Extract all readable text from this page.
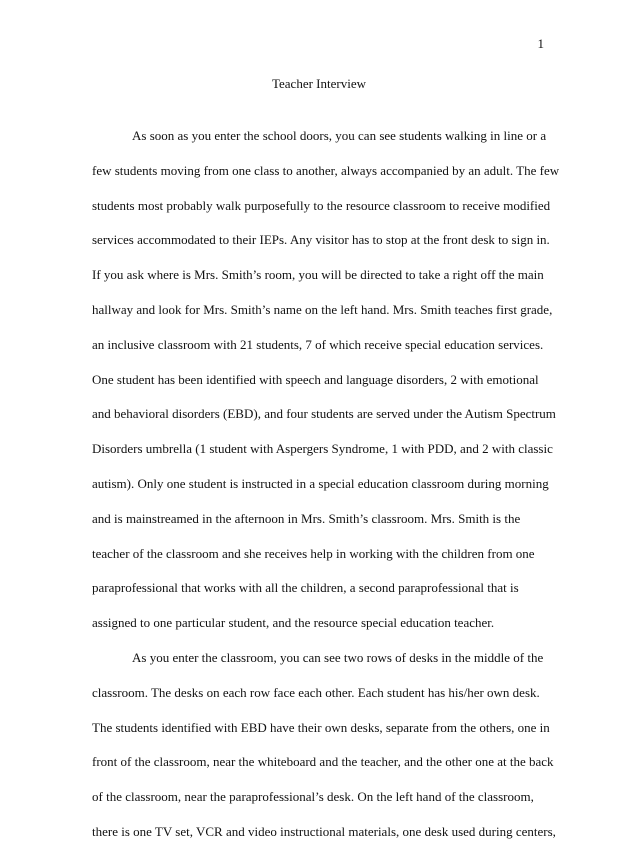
1
Teacher Interview
As soon as you enter the school doors, you can see students walking in line or a
few students moving from one class to another, always accompanied by an adult. The few
students most probably walk purposefully to the resource classroom to receive modified
services accommodated to their IEPs. Any visitor has to stop at the front desk to sign in.
If you ask where is Mrs. Smith’s room, you will be directed to take a right off the main
hallway and look for Mrs. Smith’s name on the left hand. Mrs. Smith teaches first grade,
an inclusive classroom with 21 students, 7 of which receive special education services.
One student has been identified with speech and language disorders, 2 with emotional
and behavioral disorders (EBD), and four students are served under the Autism Spectrum
Disorders umbrella (1 student with Aspergers Syndrome, 1 with PDD, and 2 with classic
autism). Only one student is instructed in a special education classroom during morning
and is mainstreamed in the afternoon in Mrs. Smith’s classroom. Mrs. Smith is the
teacher of the classroom and she receives help in working with the children from one
paraprofessional that works with all the children, a second paraprofessional that is
assigned to one particular student, and the resource special education teacher.
As you enter the classroom, you can see two rows of desks in the middle of the
classroom. The desks on each row face each other. Each student has his/her own desk.
The students identified with EBD have their own desks, separate from the others, one in
front of the classroom, near the whiteboard and the teacher, and the other one at the back
of the classroom, near the paraprofessional’s desk. On the left hand of the classroom,
there is one TV set, VCR and video instructional materials, one desk used during centers,
